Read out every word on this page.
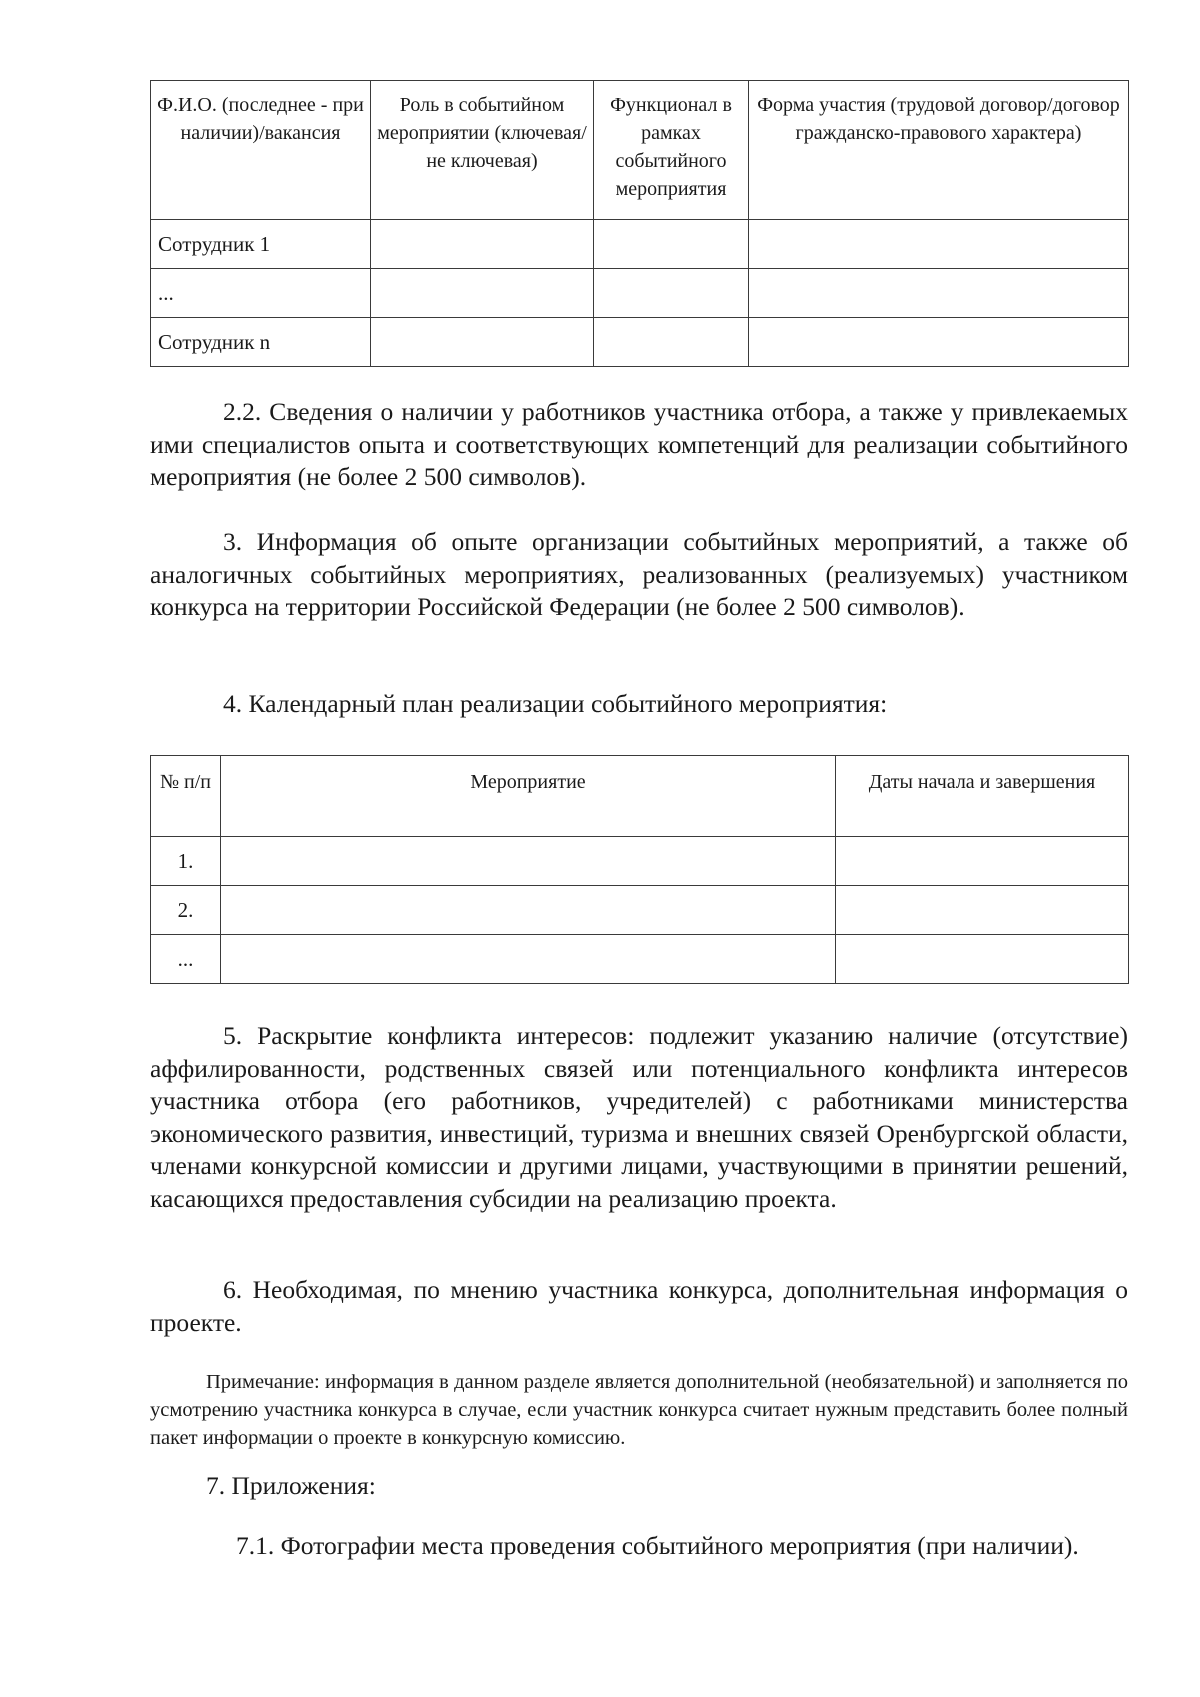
Ф.И.О. (последнее - при наличии)/вакансия	Роль в событийном мероприятии (ключевая/не ключевая)	Функционал в рамках событийного мероприятия	Форма участия (трудовой договор/договор гражданско-правового характера)
Сотрудник 1			
...			
Сотрудник n			

2.2. Сведения о наличии у работников участника отбора, а также у привлекаемых ими специалистов опыта и соответствующих компетенций для реализации событийного мероприятия (не более 2 500 символов).

3. Информация об опыте организации событийных мероприятий, а также об аналогичных событийных мероприятиях, реализованных (реализуемых) участником конкурса на территории Российской Федерации (не более 2 500 символов).

4. Календарный план реализации событийного мероприятия:

№ п/п	Мероприятие	Даты начала и завершения
1.		
2.		
...		

5. Раскрытие конфликта интересов: подлежит указанию наличие (отсутствие) аффилированности, родственных связей или потенциального конфликта интересов участника отбора (его работников, учредителей) с работниками министерства экономического развития, инвестиций, туризма и внешних связей Оренбургской области, членами конкурсной комиссии и другими лицами, участвующими в принятии решений, касающихся предоставления субсидии на реализацию проекта.

6. Необходимая, по мнению участника конкурса, дополнительная информация о проекте.

Примечание: информация в данном разделе является дополнительной (необязательной) и заполняется по усмотрению участника конкурса в случае, если участник конкурса считает нужным представить более полный пакет информации о проекте в конкурсную комиссию.

7. Приложения:

7.1. Фотографии места проведения событийного мероприятия (при наличии).
